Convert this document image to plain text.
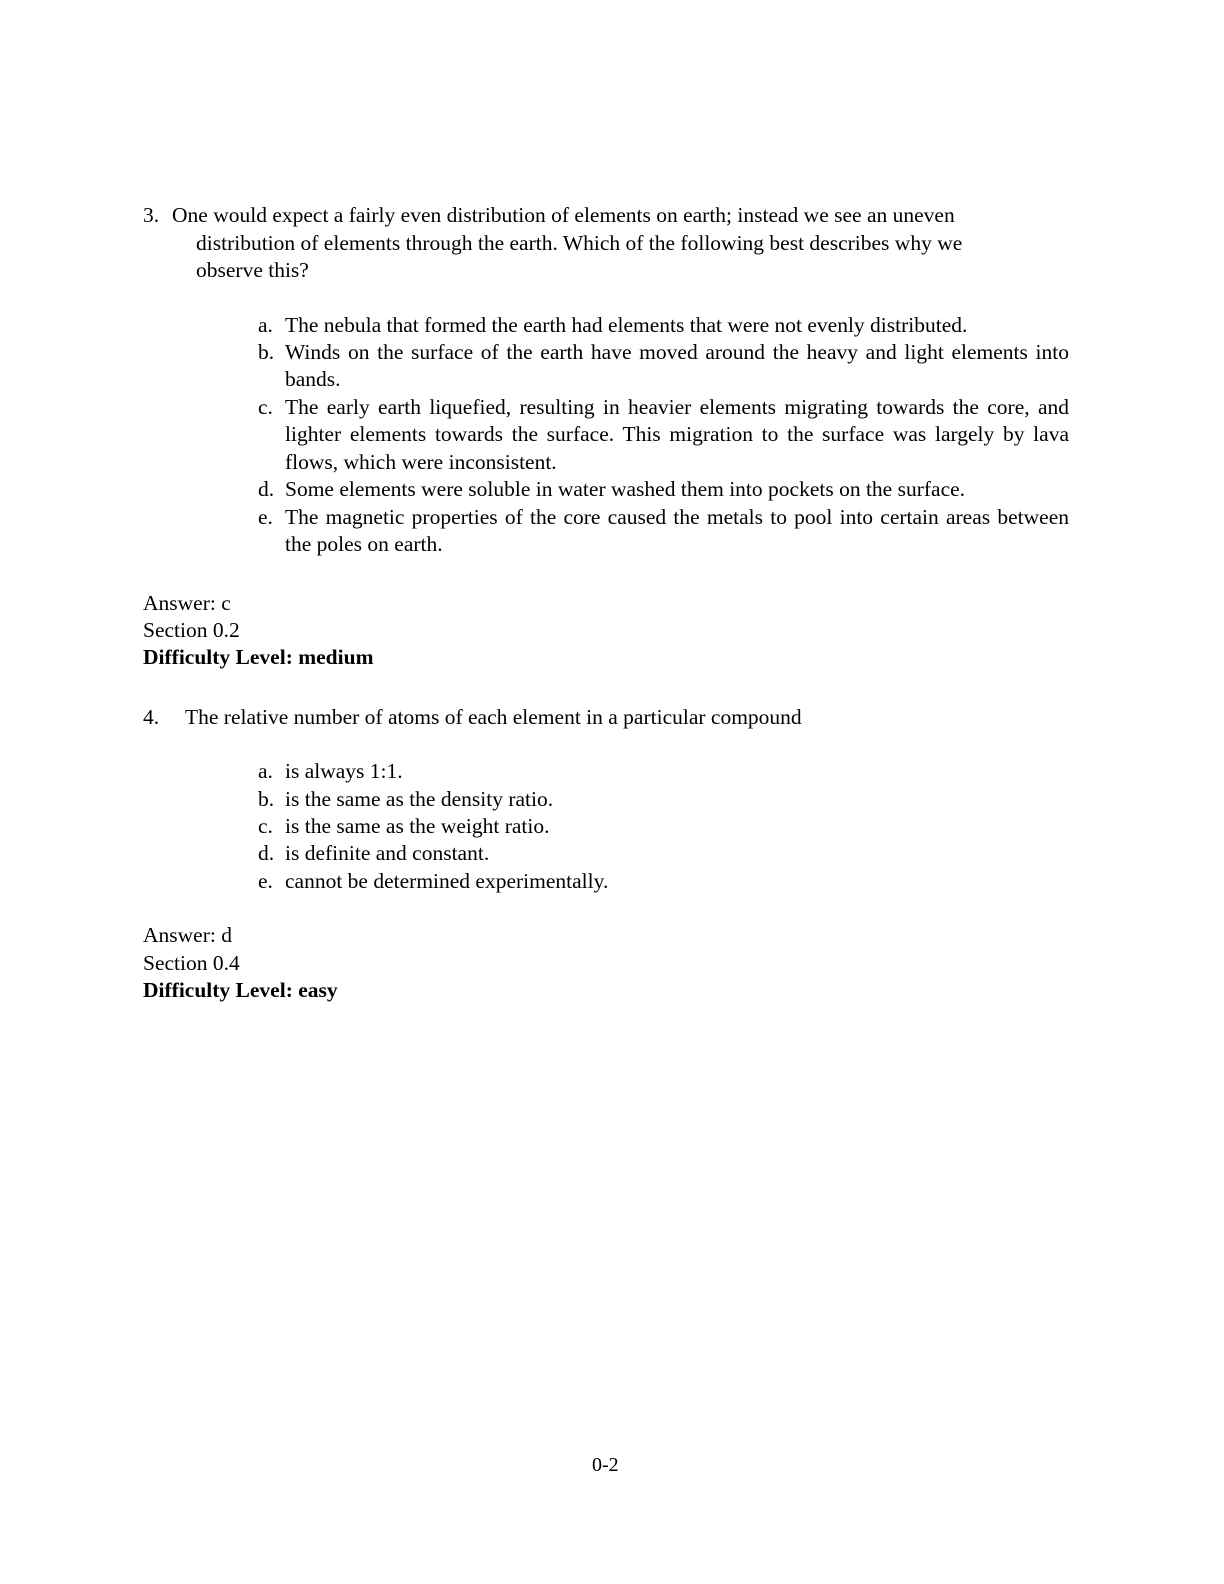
3. One would expect a fairly even distribution of elements on earth; instead we see an uneven
distribution of elements through the earth. Which of the following best describes why we
observe this?
a. The nebula that formed the earth had elements that were not evenly distributed.
b. Winds on the surface of the earth have moved around the heavy and light elements into bands.
c. The early earth liquefied, resulting in heavier elements migrating towards the core, and lighter elements towards the surface. This migration to the surface was largely by lava flows, which were inconsistent.
d. Some elements were soluble in water washed them into pockets on the surface.
e. The magnetic properties of the core caused the metals to pool into certain areas between the poles on earth.
Answer: c
Section 0.2
Difficulty Level: medium
4. The relative number of atoms of each element in a particular compound
a. is always 1:1.
b. is the same as the density ratio.
c. is the same as the weight ratio.
d. is definite and constant.
e. cannot be determined experimentally.
Answer: d
Section 0.4
Difficulty Level: easy
0-2
